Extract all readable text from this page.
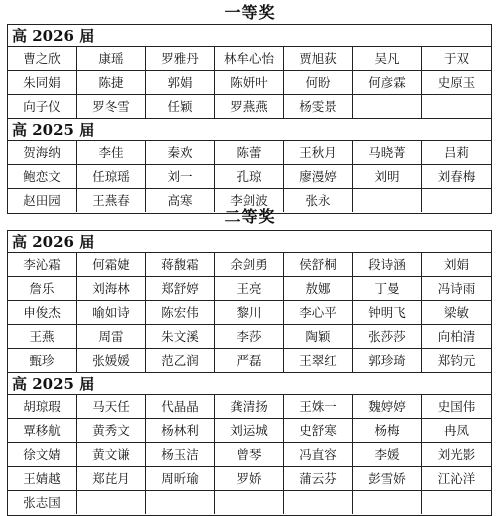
一等奖
高 2026 届
曹之欣	康瑶	罗雅丹	林牟心怡	贾旭荻	吴凡	于双
朱同娟	陈捷	郭娟	陈妍叶	何盼	何彦霖	史原玉
向子仪	罗冬雪	任颖	罗燕燕	杨雯景
高 2025 届
贺海纳	李佳	秦欢	陈蕾	王秋月	马晓菁	吕莉
鲍恋文	任琼瑶	刘一	孔琼	廖漫婷	刘明	刘春梅
赵田园	王燕春	高寒	李剑波	张永
二等奖
高 2026 届
李沁霜	何霜婕	蒋馥霜	余剑勇	侯舒桐	段诗涵	刘娟
詹乐	刘海林	郑舒婷	王亮	敖娜	丁曼	冯诗雨
申俊杰	喻如诗	陈宏伟	黎川	李心平	钟明飞	梁敏
王燕	周雷	朱文溪	李莎	陶颖	张莎莎	向柏清
甄珍	张媛媛	范乙润	严磊	王翠红	郭珍琦	郑钧元
高 2025 届
胡琼瑕	马天任	代晶晶	龚清扬	王姝一	魏婷婷	史国伟
覃移航	黄秀文	杨林利	刘运城	史舒寒	杨梅	冉凤
徐文婧	黄文谦	杨玉洁	曾琴	冯直容	李媛	刘光影
王婧越	郑芘月	周昕瑜	罗娇	蒲云芬	彭雪娇	江沁洋
张志国
